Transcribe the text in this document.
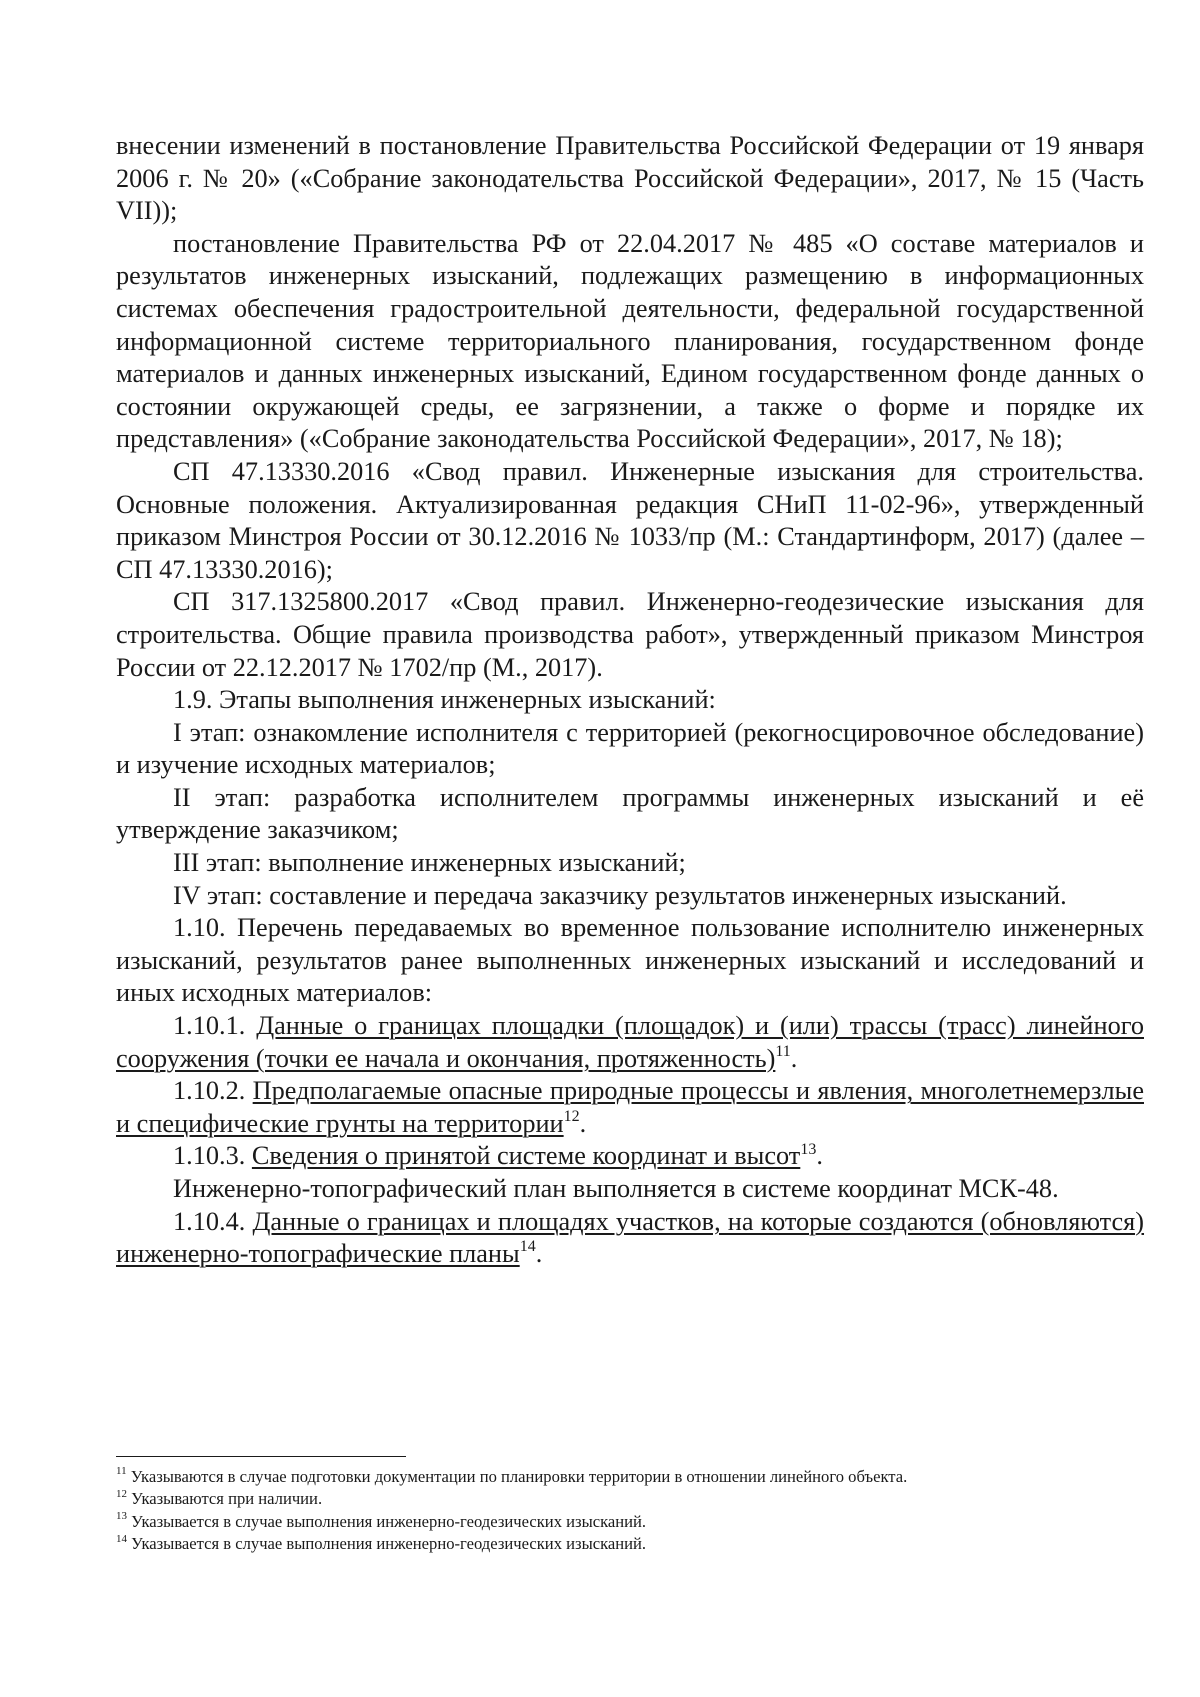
внесении изменений в постановление Правительства Российской Федерации от 19 января 2006 г. № 20» («Собрание законодательства Российской Федерации», 2017, № 15 (Часть VII));

постановление Правительства РФ от 22.04.2017 № 485 «О составе материалов и результатов инженерных изысканий, подлежащих размещению в информационных системах обеспечения градостроительной деятельности, федеральной государственной информационной системе территориального планирования, государственном фонде материалов и данных инженерных изысканий, Едином государственном фонде данных о состоянии окружающей среды, ее загрязнении, а также о форме и порядке их представления» («Собрание законодательства Российской Федерации», 2017, № 18);

СП 47.13330.2016 «Свод правил. Инженерные изыскания для строительства. Основные положения. Актуализированная редакция СНиП 11-02-96», утвержденный приказом Минстроя России от 30.12.2016 № 1033/пр (М.: Стандартинформ, 2017) (далее – СП 47.13330.2016);

СП 317.1325800.2017 «Свод правил. Инженерно-геодезические изыскания для строительства. Общие правила производства работ», утвержденный приказом Минстроя России от 22.12.2017 № 1702/пр (М., 2017).

1.9. Этапы выполнения инженерных изысканий:

I этап: ознакомление исполнителя с территорией (рекогносцировочное обследование) и изучение исходных материалов;

II этап: разработка исполнителем программы инженерных изысканий и её утверждение заказчиком;

III этап: выполнение инженерных изысканий;

IV этап: составление и передача заказчику результатов инженерных изысканий.

1.10. Перечень передаваемых во временное пользование исполнителю инженерных изысканий, результатов ранее выполненных инженерных изысканий и исследований и иных исходных материалов:

1.10.1. Данные о границах площадки (площадок) и (или) трассы (трасс) линейного сооружения (точки ее начала и окончания, протяженность)$^{11}$.

1.10.2. Предполагаемые опасные природные процессы и явления, многолетнемерзлые и специфические грунты на территории$^{12}$.

1.10.3. Сведения о принятой системе координат и высот$^{13}$.

Инженерно-топографический план выполняется в системе координат МСК-48.

1.10.4. Данные о границах и площадях участков, на которые создаются (обновляются) инженерно-топографические планы$^{14}$.

$^{11}$ Указываются в случае подготовки документации по планировки территории в отношении линейного объекта.

$^{12}$ Указываются при наличии.

$^{13}$ Указывается в случае выполнения инженерно-геодезических изысканий.

$^{14}$ Указывается в случае выполнения инженерно-геодезических изысканий.
